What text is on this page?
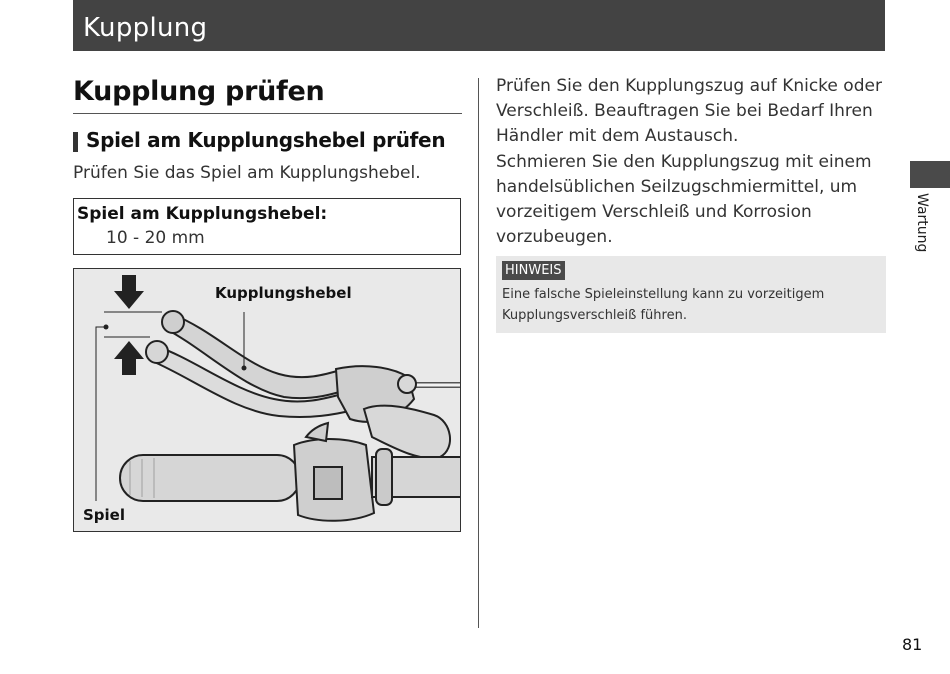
Kupplung
Kupplung prüfen
Spiel am Kupplungshebel prüfen
Prüfen Sie das Spiel am Kupplungshebel.
Spiel am Kupplungshebel:
10 - 20 mm
Kupplungshebel
Spiel

Prüfen Sie den Kupplungszug auf Knicke oder Verschleiß. Beauftragen Sie bei Bedarf Ihren Händler mit dem Austausch.

Schmieren Sie den Kupplungszug mit einem handelsüblichen Seilzugschmiermittel, um vorzeitigem Verschleiß und Korrosion vorzubeugen.

HINWEIS
Eine falsche Spieleinstellung kann zu vorzeitigem Kupplungsverschleiß führen.
Wartung
81
